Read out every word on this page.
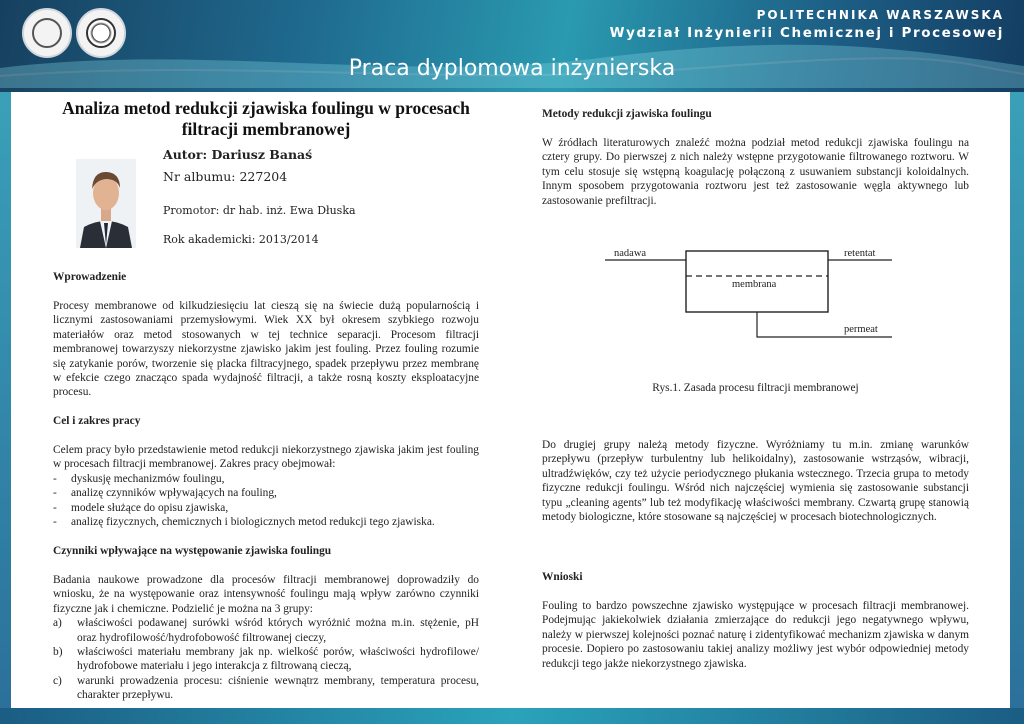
POLITECHNIKA WARSZAWSKA
Wydział Inżynierii Chemicznej i Procesowej
Praca dyplomowa inżynierska
Analiza metod redukcji zjawiska foulingu w procesach
filtracji membranowej
Autor: Dariusz Banaś
Nr albumu: 227204
Promotor: dr hab. inż. Ewa Dłuska
Rok akademicki: 2013/2014
Wprowadzenie
Procesy membranowe od kilkudziesięciu lat cieszą się na świecie dużą popularnością i licznymi zastosowaniami przemysłowymi. Wiek XX był okresem szybkiego rozwoju materiałów oraz metod stosowanych w tej technice separacji. Procesom filtracji membranowej towarzyszy niekorzystne zjawisko jakim jest fouling. Przez fouling rozumie się zatykanie porów, tworzenie się placka filtracyjnego, spadek przepływu przez membranę w efekcie czego znacząco spada wydajność filtracji, a także rosną koszty eksploatacyjne procesu.
Cel i zakres pracy
Celem pracy było przedstawienie metod redukcji niekorzystnego zjawiska jakim jest fouling w procesach filtracji membranowej. Zakres pracy obejmował:
- dyskusję mechanizmów foulingu,
- analizę czynników wpływających na fouling,
- modele służące do opisu zjawiska,
- analizę fizycznych, chemicznych i biologicznych metod redukcji tego zjawiska.
Czynniki wpływające na występowanie zjawiska foulingu
Badania naukowe prowadzone dla procesów filtracji membranowej doprowadziły do wniosku, że na występowanie oraz intensywność foulingu mają wpływ zarówno czynniki fizyczne jak i chemiczne. Podzielić je można na 3 grupy:
a) właściwości podawanej surówki wśród których wyróżnić można m.in. stężenie, pH oraz hydrofilowość/hydrofobowość filtrowanej cieczy,
b) właściwości materiału membrany jak np. wielkość porów, właściwości hydrofilowe/ hydrofobowe materiału i jego interakcja z filtrowaną cieczą,
c) warunki prowadzenia procesu: ciśnienie wewnątrz membrany, temperatura procesu, charakter przepływu.
Metody redukcji zjawiska foulingu
W źródłach literaturowych znaleźć można podział metod redukcji zjawiska foulingu na cztery grupy. Do pierwszej z nich należy wstępne przygotowanie filtrowanego roztworu. W tym celu stosuje się wstępną koagulację połączoną z usuwaniem substancji koloidalnych. Innym sposobem przygotowania roztworu jest też zastosowanie węgla aktywnego lub zastosowanie prefiltracji.
nadawa	retentat
membrana
permeat
Rys.1. Zasada procesu filtracji membranowej
Do drugiej grupy należą metody fizyczne. Wyróżniamy tu m.in. zmianę warunków przepływu (przepływ turbulentny lub helikoidalny), zastosowanie wstrząsów, wibracji, ultradźwięków, czy też użycie periodycznego płukania wstecznego. Trzecia grupa to metody fizyczne redukcji foulingu. Wśród nich najczęściej wymienia się zastosowanie substancji typu „cleaning agents” lub też modyfikację właściwości membrany. Czwartą grupę stanowią metody biologiczne, które stosowane są najczęściej w procesach biotechnologicznych.
Wnioski
Fouling to bardzo powszechne zjawisko występujące w procesach filtracji membranowej. Podejmując jakiekolwiek działania zmierzające do redukcji jego negatywnego wpływu, należy w pierwszej kolejności poznać naturę i zidentyfikować mechanizm zjawiska w danym procesie. Dopiero po zastosowaniu takiej analizy możliwy jest wybór odpowiedniej metody redukcji tego jakże niekorzystnego zjawiska.
